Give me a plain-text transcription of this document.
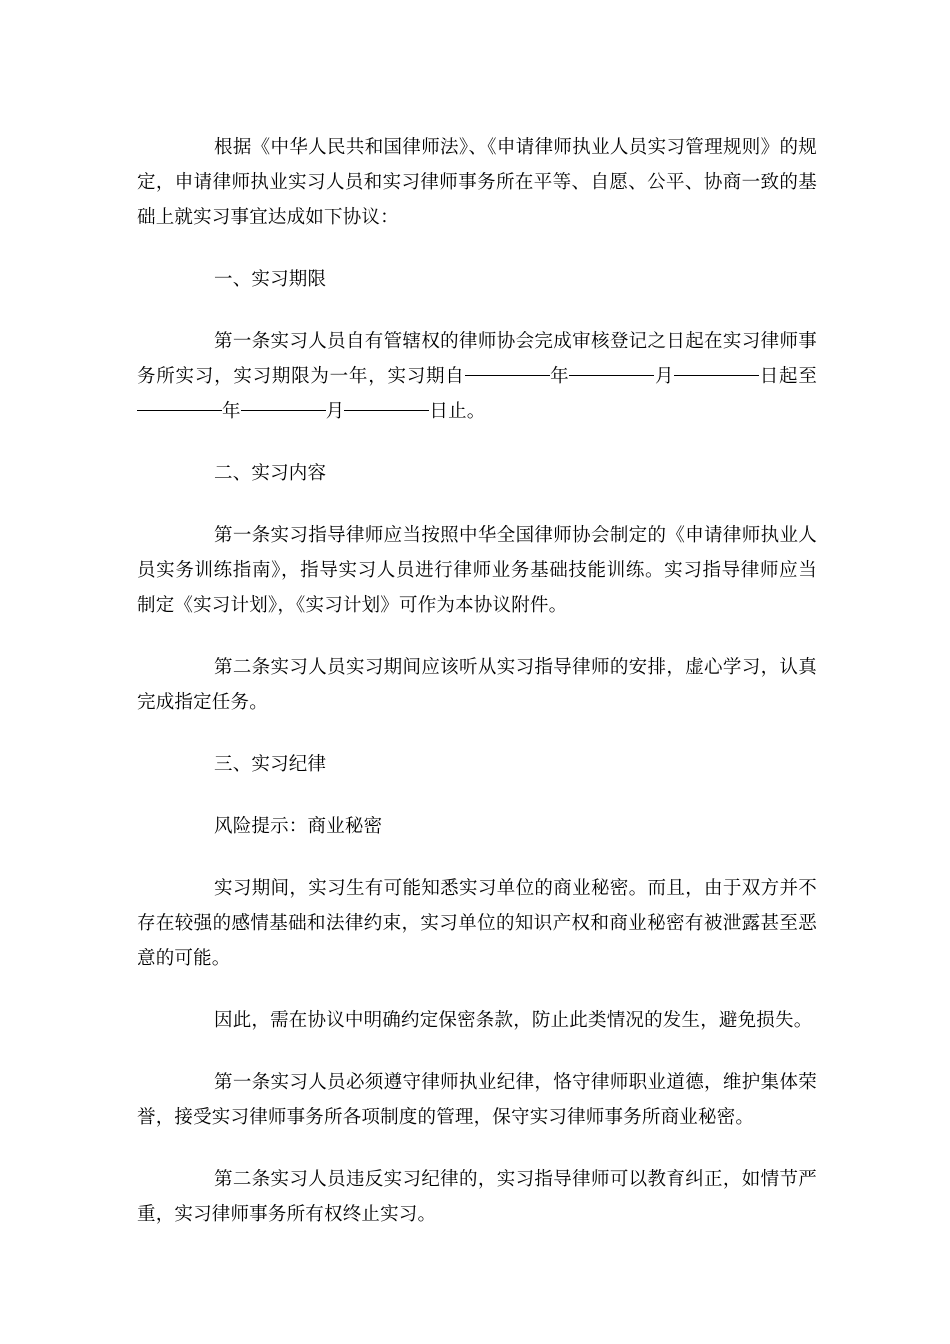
根据《中华人民共和国律师法》、《申请律师执业人员实习管理规则》的规定，申请律师执业实习人员和实习律师事务所在平等、自愿、公平、协商一致的基础上就实习事宜达成如下协议：

一、实习期限

第一条实习人员自有管辖权的律师协会完成审核登记之日起在实习律师事务所实习，实习期限为一年，实习期自	年	月	日起至年	月	日止。

二、实习内容

第一条实习指导律师应当按照中华全国律师协会制定的《申请律师执业人员实务训练指南》，指导实习人员进行律师业务基础技能训练。实习指导律师应当制定《实习计划》，《实习计划》可作为本协议附件。

第二条实习人员实习期间应该听从实习指导律师的安排，虚心学习，认真完成指定任务。

三、实习纪律

风险提示：商业秘密

实习期间，实习生有可能知悉实习单位的商业秘密。而且，由于双方并不存在较强的感情基础和法律约束，实习单位的知识产权和商业秘密有被泄露甚至恶意的可能。

因此，需在协议中明确约定保密条款，防止此类情况的发生，避免损失。

第一条实习人员必须遵守律师执业纪律，恪守律师职业道德，维护集体荣誉，接受实习律师事务所各项制度的管理，保守实习律师事务所商业秘密。

第二条实习人员违反实习纪律的，实习指导律师可以教育纠正，如情节严重，实习律师事务所有权终止实习。
